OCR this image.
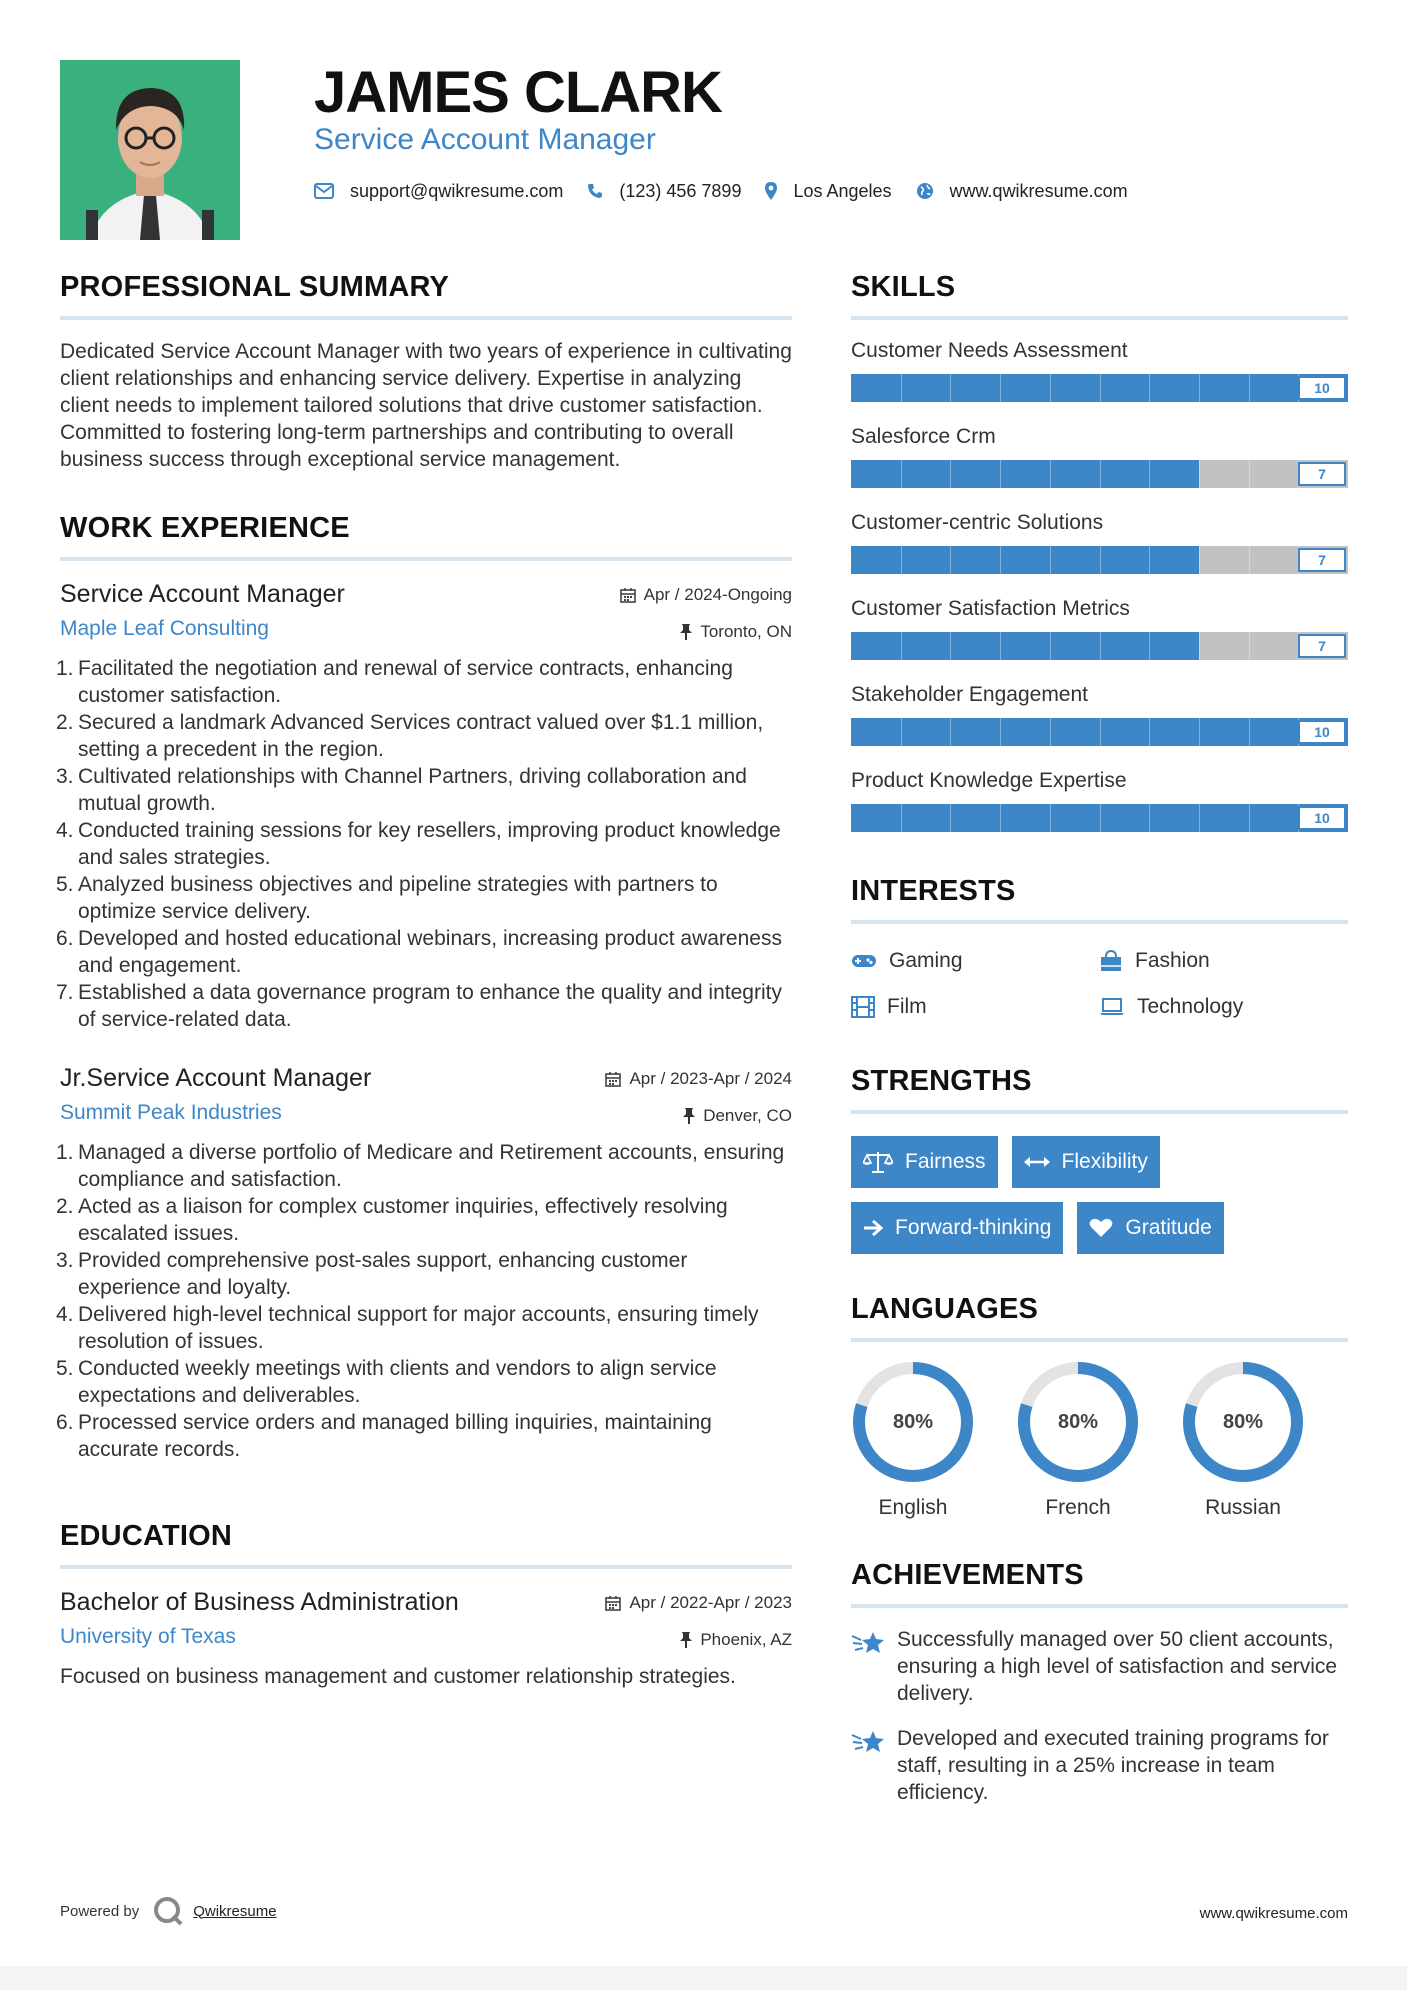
JAMES CLARK
Service Account Manager
support@qwikresume.com	(123) 456 7899	Los Angeles	www.qwikresume.com
PROFESSIONAL SUMMARY

Dedicated Service Account Manager with two years of experience in cultivating client relationships and enhancing service delivery. Expertise in analyzing client needs to implement tailored solutions that drive customer satisfaction. Committed to fostering long-term partnerships and contributing to overall business success through exceptional service management.

WORK EXPERIENCE
Service Account Manager	Apr / 2024-Ongoing
Maple Leaf Consulting	Toronto, ON
1. Facilitated the negotiation and renewal of service contracts, enhancing customer satisfaction.
2. Secured a landmark Advanced Services contract valued over $1.1 million, setting a precedent in the region.
3. Cultivated relationships with Channel Partners, driving collaboration and mutual growth.
4. Conducted training sessions for key resellers, improving product knowledge and sales strategies.
5. Analyzed business objectives and pipeline strategies with partners to optimize service delivery.
6. Developed and hosted educational webinars, increasing product awareness and engagement.
7. Established a data governance program to enhance the quality and integrity of service-related data.
Jr.Service Account Manager	Apr / 2023-Apr / 2024
Summit Peak Industries	Denver, CO
1. Managed a diverse portfolio of Medicare and Retirement accounts, ensuring compliance and satisfaction.
2. Acted as a liaison for complex customer inquiries, effectively resolving escalated issues.
3. Provided comprehensive post-sales support, enhancing customer experience and loyalty.
4. Delivered high-level technical support for major accounts, ensuring timely resolution of issues.
5. Conducted weekly meetings with clients and vendors to align service expectations and deliverables.
6. Processed service orders and managed billing inquiries, maintaining accurate records.
EDUCATION
Bachelor of Business Administration	Apr / 2022-Apr / 2023
University of Texas	Phoenix, AZ

Focused on business management and customer relationship strategies.

SKILLS
Customer Needs Assessment
10
Salesforce Crm
7
Customer-centric Solutions
7
Customer Satisfaction Metrics
7
Stakeholder Engagement
10
Product Knowledge Expertise
10
INTERESTS
Gaming	Fashion
Film	Technology
STRENGTHS
Fairness	Flexibility
Forward-thinking	Gratitude
LANGUAGES
80%
English
80%
French
80%
Russian
ACHIEVEMENTS
Successfully managed over 50 client accounts, ensuring a high level of satisfaction and service delivery.
Developed and executed training programs for staff, resulting in a 25% increase in team efficiency.
Powered by	Qwikresume	www.qwikresume.com
